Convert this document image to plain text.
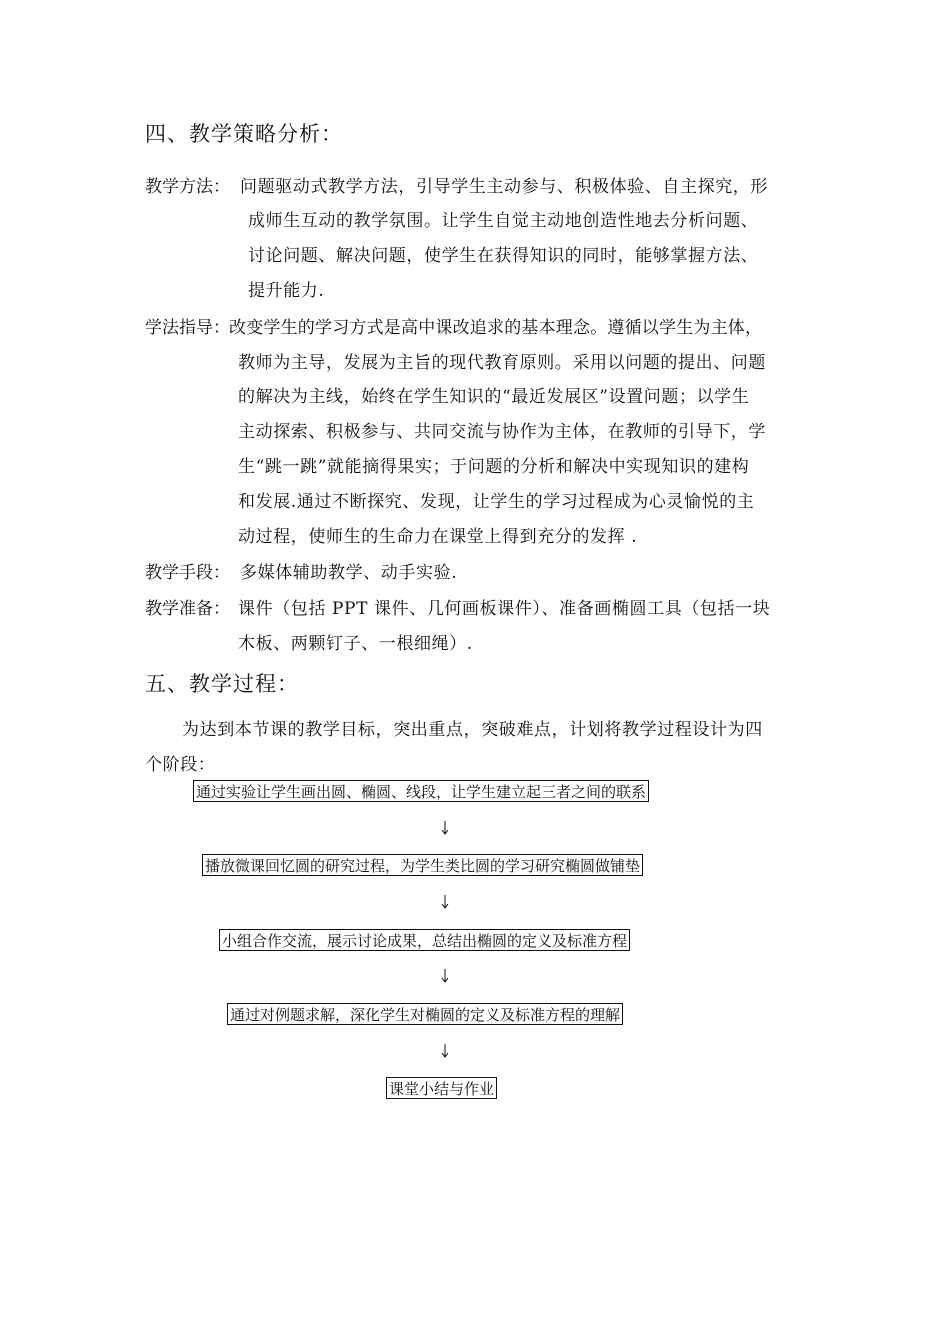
四、教学策略分析：
教学方法： 问题驱动式教学方法，引导学生主动参与、积极体验、自主探究，形
成师生互动的教学氛围。让学生自觉主动地创造性地去分析问题、
讨论问题、解决问题，使学生在获得知识的同时，能够掌握方法、
提升能力.
学法指导： 改变学生的学习方式是高中课改追求的基本理念。遵循以学生为主体，
教师为主导，发展为主旨的现代教育原则。采用以问题的提出、问题
的解决为主线，始终在学生知识的“最近发展区”设置问题；以学生
主动探索、积极参与、共同交流与协作为主体，在教师的引导下，学
生“跳一跳”就能摘得果实；于问题的分析和解决中实现知识的建构
和发展.通过不断探究、发现，让学生的学习过程成为心灵愉悦的主
动过程，使师生的生命力在课堂上得到充分的发挥 .
教学手段： 多媒体辅助教学、动手实验.
教学准备： 课件（包括 PPT 课件、几何画板课件）、准备画椭圆工具（包括一块
木板、两颗钉子、一根细绳）.
五、教学过程：
为达到本节课的教学目标，突出重点，突破难点，计划将教学过程设计为四
个阶段：
通过实验让学生画出圆、椭圆、线段，让学生建立起三者之间的联系
播放微课回忆圆的研究过程，为学生类比圆的学习研究椭圆做铺垫
小组合作交流，展示讨论成果，总结出椭圆的定义及标准方程
通过对例题求解，深化学生对椭圆的定义及标准方程的理解
课堂小结与作业
